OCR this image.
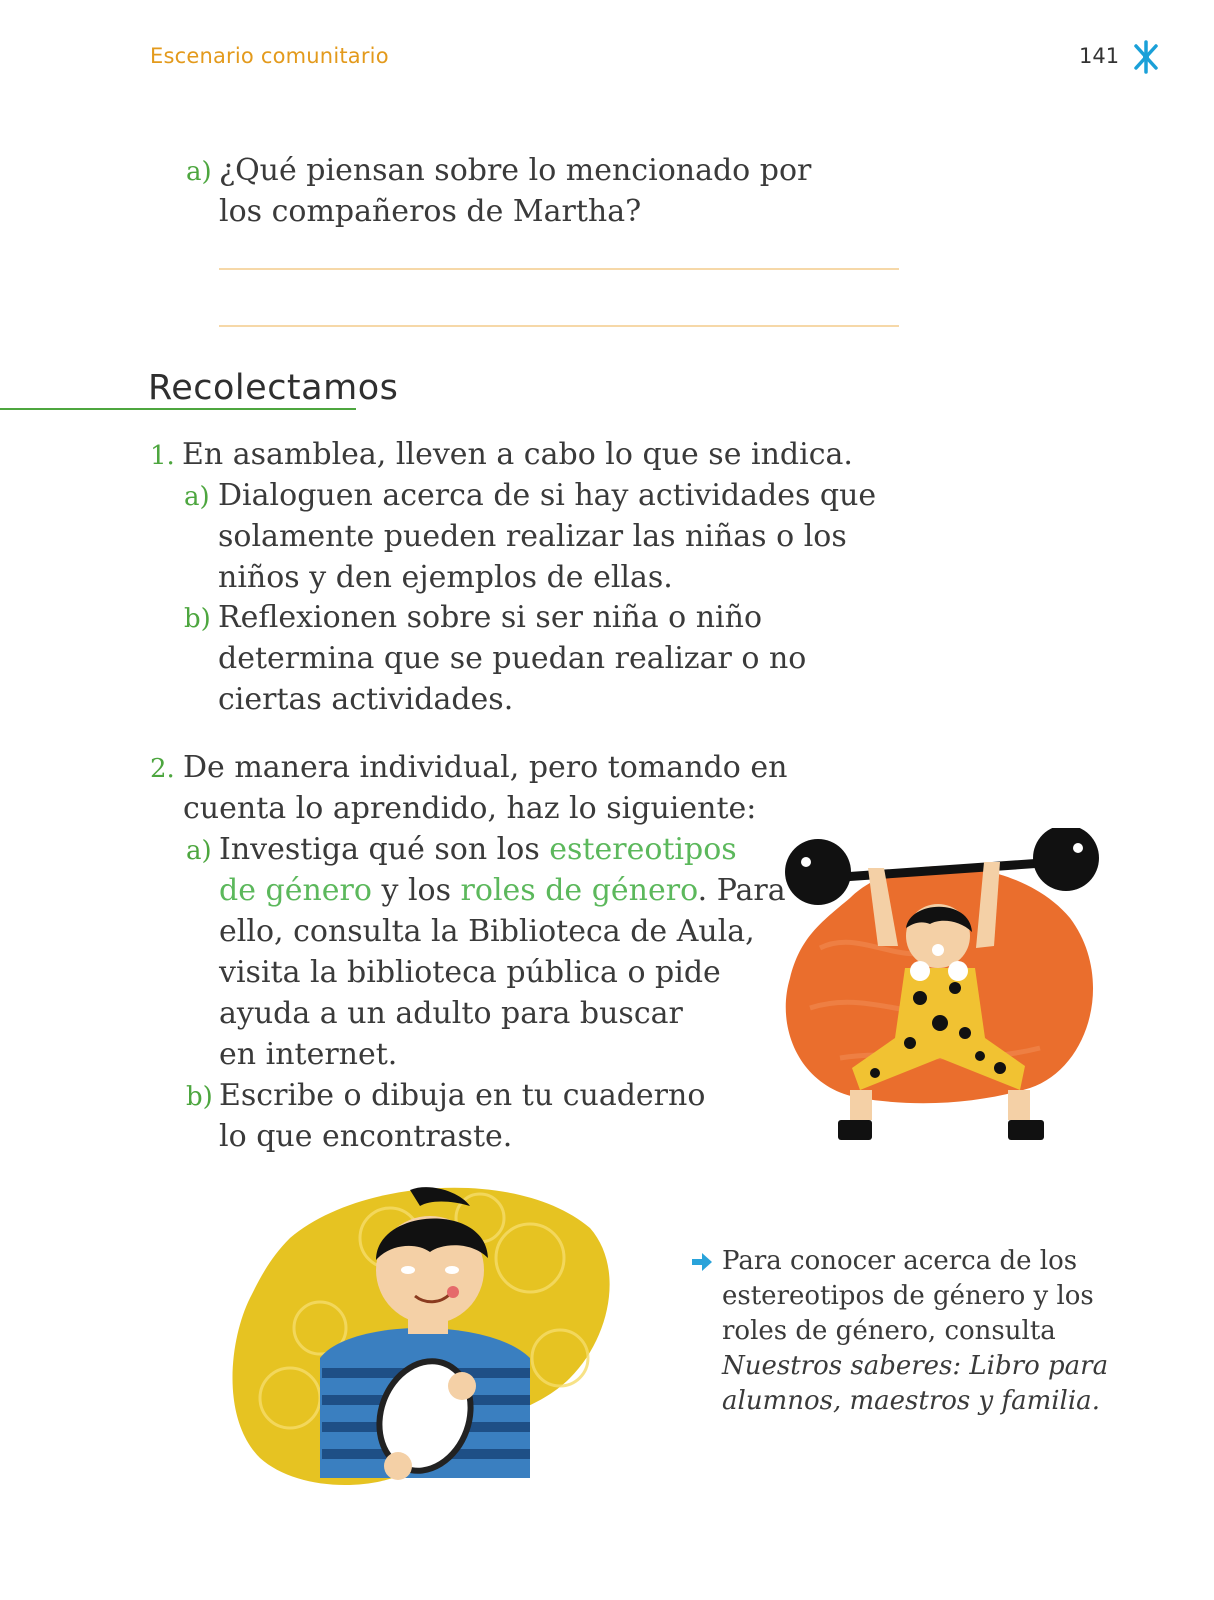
Escenario comunitario	141
a) ¿Qué piensan sobre lo mencionado por
los compañeros de Martha?
Recolectamos
1. En asamblea, lleven a cabo lo que se indica.
a) Dialoguen acerca de si hay actividades que
solamente pueden realizar las niñas o los
niños y den ejemplos de ellas.
b) Reflexionen sobre si ser niña o niño
determina que se puedan realizar o no
ciertas actividades.
2. De manera individual, pero tomando en
cuenta lo aprendido, haz lo siguiente:
a) Investiga qué son los estereotipos
de género y los roles de género. Para
ello, consulta la Biblioteca de Aula,
visita la biblioteca pública o pide
ayuda a un adulto para buscar
en internet.
b) Escribe o dibuja en tu cuaderno
lo que encontraste.
Para conocer acerca de los
estereotipos de género y los
roles de género, consulta
Nuestros saberes: Libro para
alumnos, maestros y familia.
